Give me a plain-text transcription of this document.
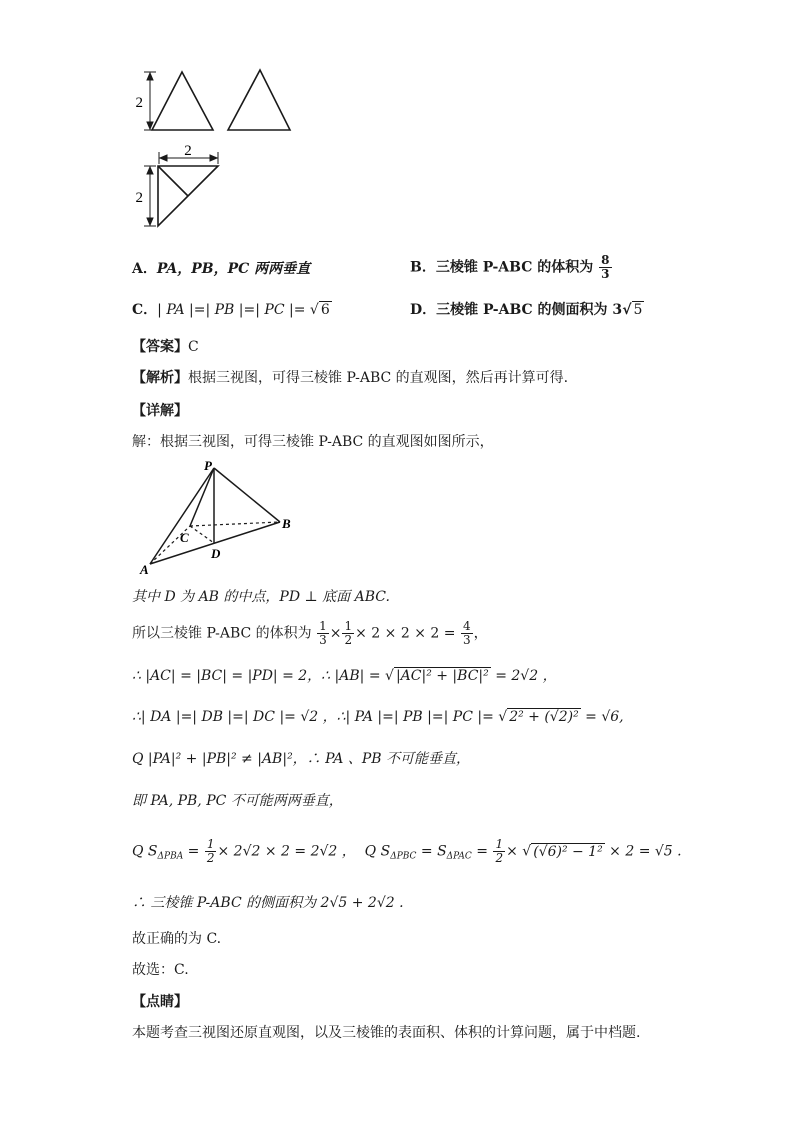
2
2
2
A．PA，PB，PC 两两垂直	B．三棱锥 P-ABC 的体积为 $\frac{8}{3}$
C．| PA |=| PB |=| PC |= √ 6	D．三棱锥 P-ABC 的侧面积为 3√ 5
【答案】C
【解析】根据三视图，可得三棱锥 P-ABC 的直观图，然后再计算可得.
【详解】
解：根据三视图，可得三棱锥 P-ABC 的直观图如图所示，
P
A
B
C
D
其中 D 为 AB 的中点，PD ⊥ 底面 ABC.
所以三棱锥 P-ABC 的体积为 $\frac{1}{3} \times \frac{1}{2} \times 2 \times 2 \times 2 = \frac{4}{3}$ ，
∴ |AC| = |BC| = |PD| = 2，∴ |AB| = √ |AC|² + |BC|² = 2√2 ，
∴| DA |=| DB |=| DC |= √2 ，∴| PA |=| PB |=| PC |= √ 2² + (√2)² = √6,
Q |PA|² + |PB|² ≠ |AB|²，∴ PA 、PB 不可能垂直，
即 PA, PB, PC 不可能两两垂直，
Q $S_{\Delta PBA} = \frac{1}{2} \times 2√2 \times 2 = 2√2$ ， Q $S_{\Delta PBC} = S_{\Delta PAC} = \frac{1}{2}$ × √ (√6)² − 1² × 2 = √5 .
∴ 三棱锥 P-ABC 的侧面积为 2√5 + 2√2 .
故正确的为 C.
故选：C.
【点睛】
本题考查三视图还原直观图，以及三棱锥的表面积、体积的计算问题，属于中档题.
